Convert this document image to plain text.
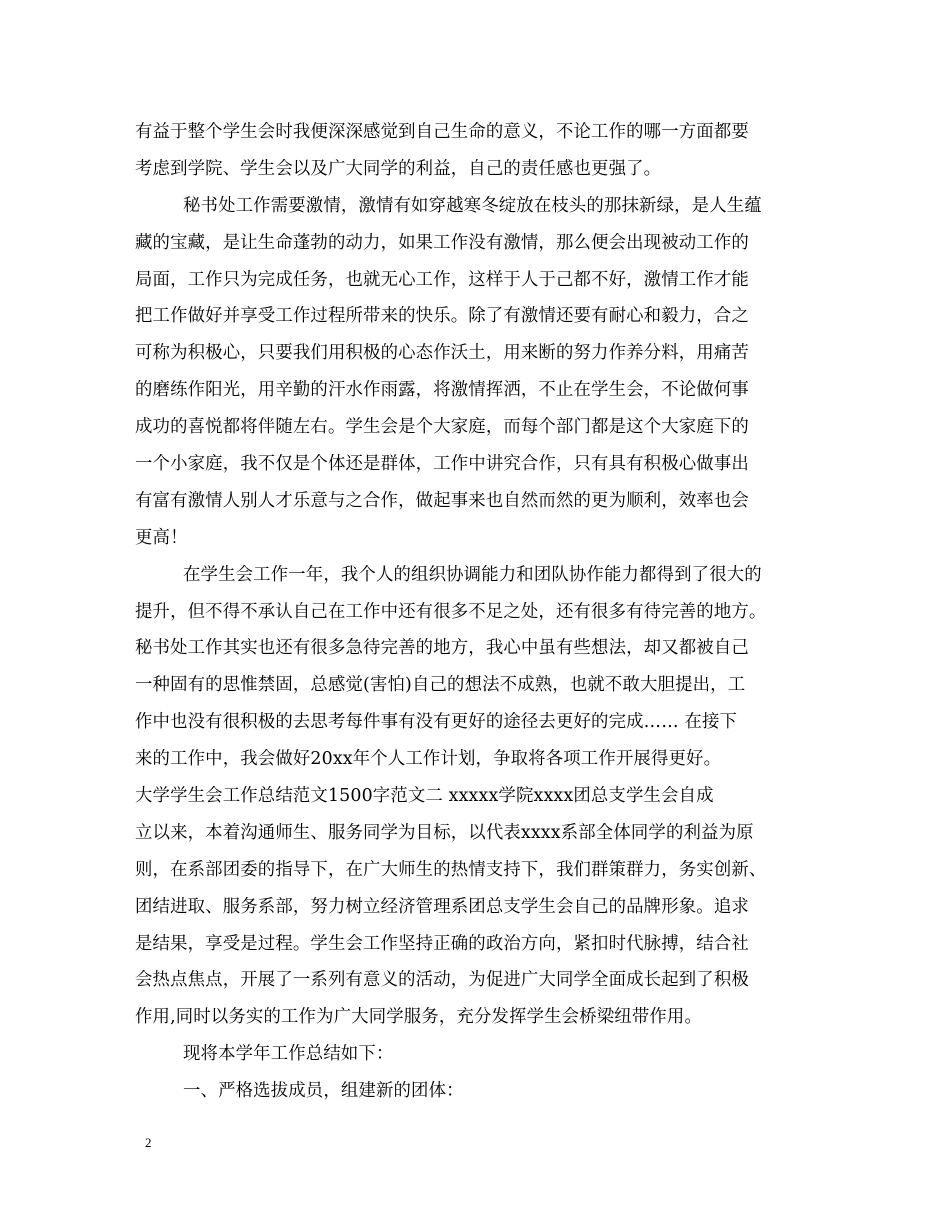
有益于整个学生会时我便深深感觉到自己生命的意义，不论工作的哪一方面都要
考虑到学院、学生会以及广大同学的利益，自己的责任感也更强了。
秘书处工作需要激情，激情有如穿越寒冬绽放在枝头的那抹新绿，是人生蕴
藏的宝藏，是让生命蓬勃的动力，如果工作没有激情，那么便会出现被动工作的
局面，工作只为完成任务，也就无心工作，这样于人于己都不好，激情工作才能
把工作做好并享受工作过程所带来的快乐。除了有激情还要有耐心和毅力，合之
可称为积极心，只要我们用积极的心态作沃土，用来断的努力作养分料，用痛苦
的磨练作阳光，用辛勤的汗水作雨露，将激情挥洒，不止在学生会，不论做何事
成功的喜悦都将伴随左右。学生会是个大家庭，而每个部门都是这个大家庭下的
一个小家庭，我不仅是个体还是群体，工作中讲究合作，只有具有积极心做事出
有富有激情人别人才乐意与之合作，做起事来也自然而然的更为顺利，效率也会
更高！
在学生会工作一年，我个人的组织协调能力和团队协作能力都得到了很大的
提升，但不得不承认自己在工作中还有很多不足之处，还有很多有待完善的地方。
秘书处工作其实也还有很多急待完善的地方，我心中虽有些想法，却又都被自己
一种固有的思惟禁固，总感觉(害怕)自己的想法不成熟，也就不敢大胆提出，工
作中也没有很积极的去思考每件事有没有更好的途径去更好的完成…… 在接下
来的工作中，我会做好20xx年个人工作计划，争取将各项工作开展得更好。
大学学生会工作总结范文1500字范文二 xxxxx学院xxxx团总支学生会自成
立以来，本着沟通师生、服务同学为目标，以代表xxxx系部全体同学的利益为原
则，在系部团委的指导下，在广大师生的热情支持下，我们群策群力，务实创新、
团结进取、服务系部，努力树立经济管理系团总支学生会自己的品牌形象。追求
是结果，享受是过程。学生会工作坚持正确的政治方向，紧扣时代脉搏，结合社
会热点焦点，开展了一系列有意义的活动，为促进广大同学全面成长起到了积极
作用,同时以务实的工作为广大同学服务，充分发挥学生会桥梁纽带作用。
现将本学年工作总结如下：
一、严格选拔成员，组建新的团体：
2
